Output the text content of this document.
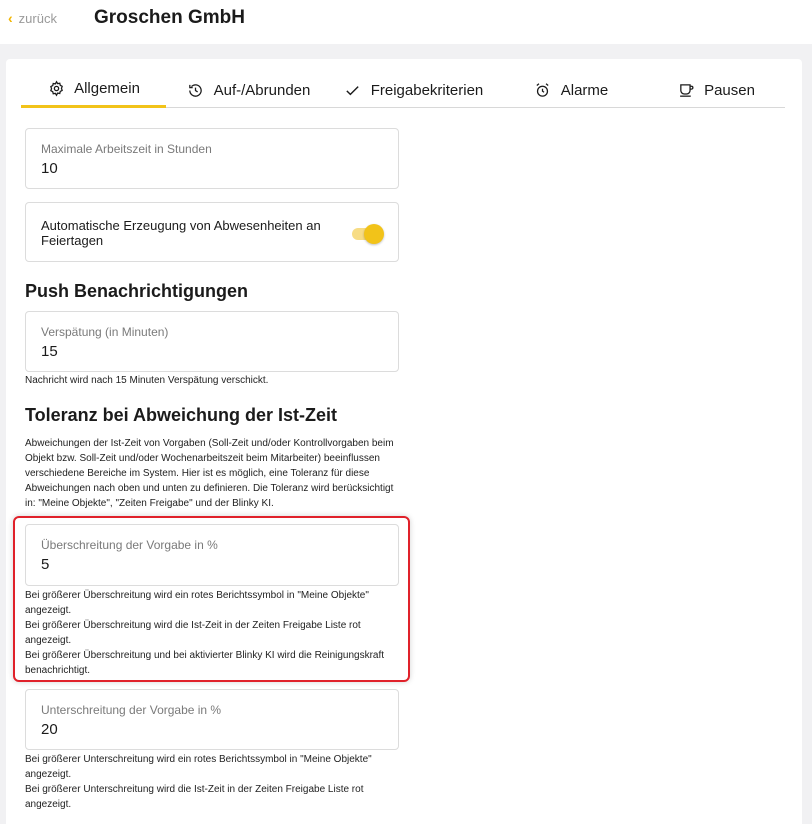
‹ zurück Groschen GmbH
Allgemein	Auf-/Abrunden	Freigabekriterien	Alarme	Pausen
Maximale Arbeitszeit in Stunden
10
Automatische Erzeugung von Abwesenheiten an Feiertagen
Push Benachrichtigungen
Verspätung (in Minuten)
15
Nachricht wird nach 15 Minuten Verspätung verschickt.
Toleranz bei Abweichung der Ist-Zeit
Abweichungen der Ist-Zeit von Vorgaben (Soll-Zeit und/oder Kontrollvorgaben beim Objekt bzw. Soll-Zeit und/oder Wochenarbeitszeit beim Mitarbeiter) beeinflussen verschiedene Bereiche im System. Hier ist es möglich, eine Toleranz für diese Abweichungen nach oben und unten zu definieren. Die Toleranz wird berücksichtigt in: "Meine Objekte", "Zeiten Freigabe" und der Blinky KI.
Überschreitung der Vorgabe in %
5
Bei größerer Überschreitung wird ein rotes Berichtssymbol in "Meine Objekte" angezeigt.
Bei größerer Überschreitung wird die Ist-Zeit in der Zeiten Freigabe Liste rot angezeigt.
Bei größerer Überschreitung und bei aktivierter Blinky KI wird die Reinigungskraft benachrichtigt.
Unterschreitung der Vorgabe in %
20
Bei größerer Unterschreitung wird ein rotes Berichtssymbol in "Meine Objekte" angezeigt.
Bei größerer Unterschreitung wird die Ist-Zeit in der Zeiten Freigabe Liste rot angezeigt.
